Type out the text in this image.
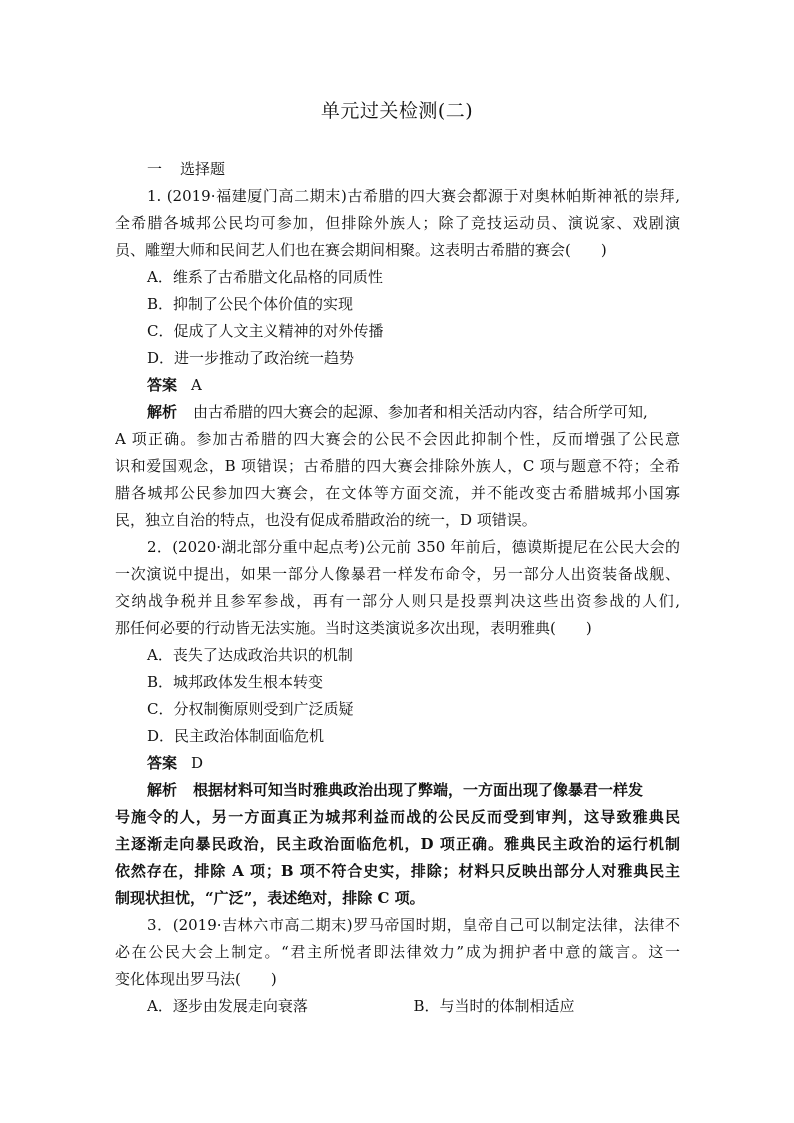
单元过关检测(二)
一 选择题
1. (2019·福建厦门高二期末)古希腊的四大赛会都源于对奥林帕斯神衹的崇拜,
全希腊各城邦公民均可参加，但排除外族人；除了竞技运动员、演说家、戏剧演
员、雕塑大师和民间艺人们也在赛会期间相聚。这表明古希腊的赛会(　　)
A．维系了古希腊文化品格的同质性
B．抑制了公民个体价值的实现
C．促成了人文主义精神的对外传播
D．进一步推动了政治统一趋势
答案 A
解析 由古希腊的四大赛会的起源、参加者和相关活动内容，结合所学可知,
A 项正确。参加古希腊的四大赛会的公民不会因此抑制个性，反而增强了公民意
识和爱国观念，B 项错误；古希腊的四大赛会排除外族人，C 项与题意不符；全希
腊各城邦公民参加四大赛会，在文体等方面交流，并不能改变古希腊城邦小国寡
民，独立自治的特点，也没有促成希腊政治的统一，D 项错误。
2．(2020·湖北部分重中起点考)公元前 350 年前后，德谟斯提尼在公民大会的
一次演说中提出，如果一部分人像暴君一样发布命令，另一部分人出资装备战舰、
交纳战争税并且参军参战，再有一部分人则只是投票判决这些出资参战的人们,
那任何必要的行动皆无法实施。当时这类演说多次出现，表明雅典(　　)
A．丧失了达成政治共识的机制
B．城邦政体发生根本转变
C．分权制衡原则受到广泛质疑
D．民主政治体制面临危机
答案 D
解析 根据材料可知当时雅典政治出现了弊端，一方面出现了像暴君一样发
号施令的人，另一方面真正为城邦利益而战的公民反而受到审判，这导致雅典民
主逐渐走向暴民政治，民主政治面临危机，D 项正确。雅典民主政治的运行机制
依然存在，排除 A 项；B 项不符合史实，排除；材料只反映出部分人对雅典民主
制现状担忧，“广泛”，表述绝对，排除 C 项。
3．(2019·吉林六市高二期末)罗马帝国时期，皇帝自己可以制定法律，法律不
必在公民大会上制定。“君主所悦者即法律效力”成为拥护者中意的箴言。这一
变化体现出罗马法(　　)
A．逐步由发展走向衰落	B．与当时的体制相适应
